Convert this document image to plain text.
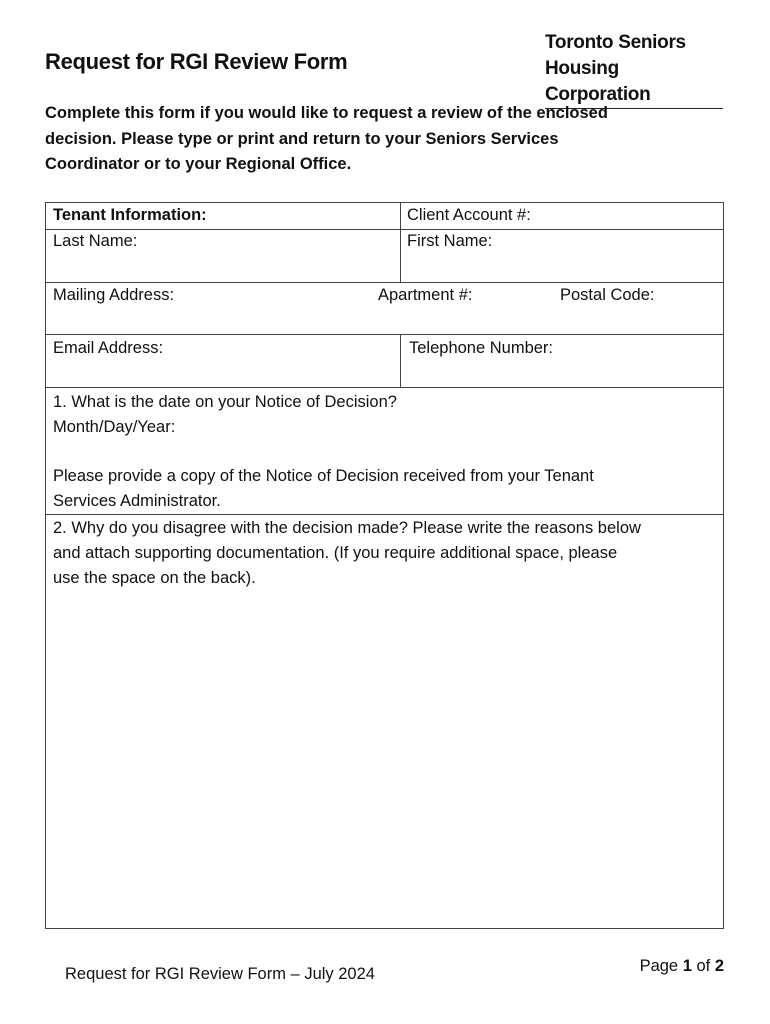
Request for RGI Review Form
Toronto Seniors
Housing Corporation

Complete this form if you would like to request a review of the enclosed

decision. Please type or print and return to your Seniors Services

Coordinator or to your Regional Office.

Tenant Information:	Client Account #:
Last Name:	First Name:
Mailing Address:	Apartment #:	Postal Code:
Email Address:	Telephone Number:

1. What is the date on your Notice of Decision?

Month/Day/Year:

Please provide a copy of the Notice of Decision received from your Tenant

Services Administrator.

2. Why do you disagree with the decision made? Please write the reasons below

and attach supporting documentation. (If you require additional space, please

use the space on the back).

Request for RGI Review Form – July 2024	Page 1 of 2
